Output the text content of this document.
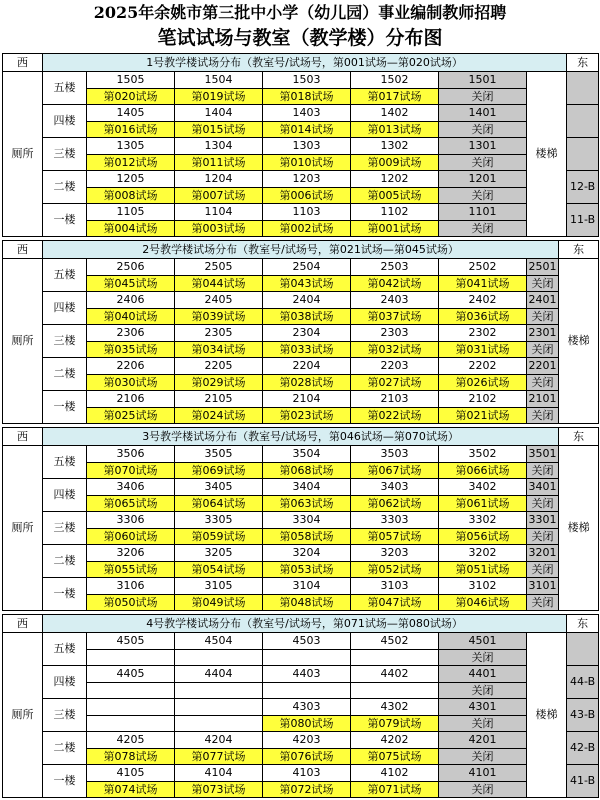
2025年余姚市第三批中小学（幼儿园）事业编制教师招聘
笔试试场与教室（教学楼）分布图
西	1号教学楼试场分布（教室号/试场号，第001试场—第020试场）							东
厕所	五楼	1505	1504	1503	1502	1501	楼梯	
		第020试场	第019试场	第018试场	第017试场	关闭		
	四楼	1405	1404	1403	1402	1401		
		第016试场	第015试场	第014试场	第013试场	关闭		
	三楼	1305	1304	1303	1302	1301		
		第012试场	第011试场	第010试场	第009试场	关闭		
	二楼	1205	1204	1203	1202	1201		12-B
		第008试场	第007试场	第006试场	第005试场	关闭		
	一楼	1105	1104	1103	1102	1101		11-B
		第004试场	第003试场	第002试场	第001试场	关闭		
西	2号教学楼试场分布（教室号/试场号，第021试场—第045试场）							东
厕所	五楼	2506	2505	2504	2503	2502	2501	楼梯
		第045试场	第044试场	第043试场	第042试场	第041试场	关闭	
	四楼	2406	2405	2404	2403	2402	2401	
		第040试场	第039试场	第038试场	第037试场	第036试场	关闭	
	三楼	2306	2305	2304	2303	2302	2301	
		第035试场	第034试场	第033试场	第032试场	第031试场	关闭	
	二楼	2206	2205	2204	2203	2202	2201	
		第030试场	第029试场	第028试场	第027试场	第026试场	关闭	
	一楼	2106	2105	2104	2103	2102	2101	
		第025试场	第024试场	第023试场	第022试场	第021试场	关闭	
西	3号教学楼试场分布（教室号/试场号，第046试场—第070试场）							东
厕所	五楼	3506	3505	3504	3503	3502	3501	楼梯
		第070试场	第069试场	第068试场	第067试场	第066试场	关闭	
	四楼	3406	3405	3404	3403	3402	3401	
		第065试场	第064试场	第063试场	第062试场	第061试场	关闭	
	三楼	3306	3305	3304	3303	3302	3301	
		第060试场	第059试场	第058试场	第057试场	第056试场	关闭	
	二楼	3206	3205	3204	3203	3202	3201	
		第055试场	第054试场	第053试场	第052试场	第051试场	关闭	
	一楼	3106	3105	3104	3103	3102	3101	
		第050试场	第049试场	第048试场	第047试场	第046试场	关闭	
西	4号教学楼试场分布（教室号/试场号，第071试场—第080试场）							东
厕所	五楼	4505	4504	4503	4502	4501	楼梯	
						关闭		
	四楼	4405	4404	4403	4402	4401		44-B
						关闭		
	三楼			4303	4302	4301		43-B
				第080试场	第079试场	关闭		
	二楼	4205	4204	4203	4202	4201		42-B
		第078试场	第077试场	第076试场	第075试场	关闭		
	一楼	4105	4104	4103	4102	4101		41-B
		第074试场	第073试场	第072试场	第071试场	关闭		
